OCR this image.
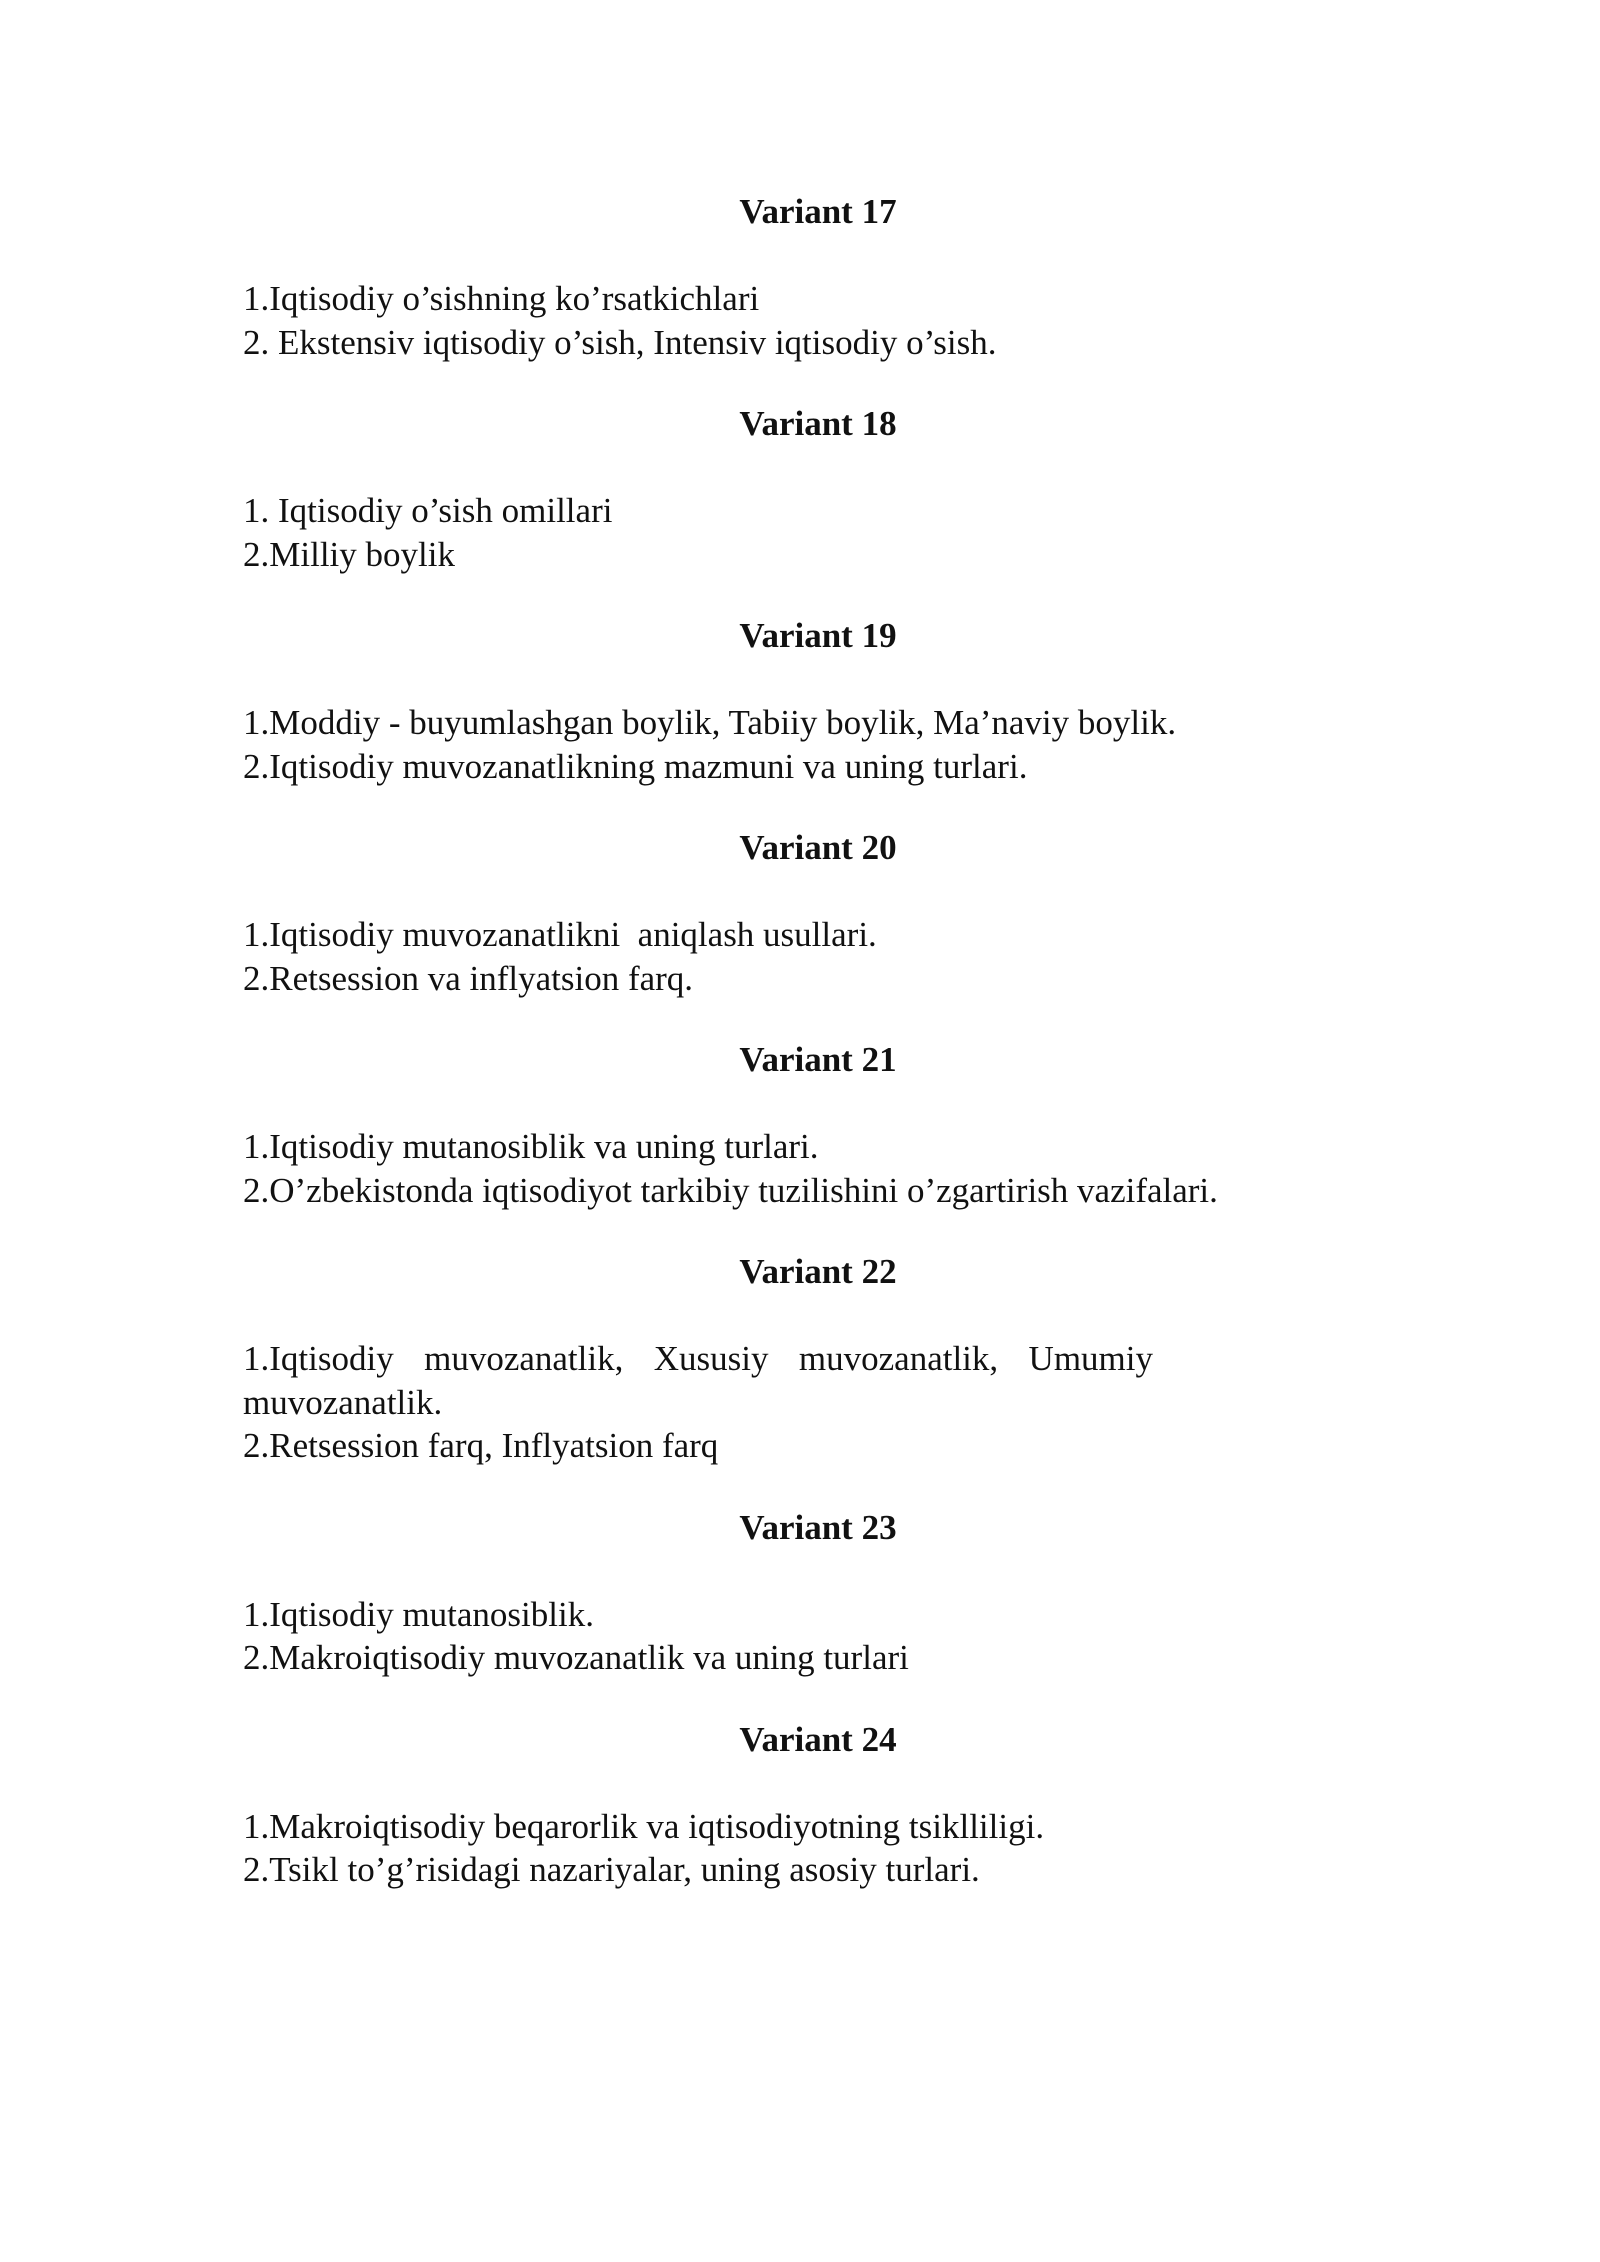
Variant 17

1.Iqtisodiy o’sishning ko’rsatkichlari

2. Ekstensiv iqtisodiy o’sish, Intensiv iqtisodiy o’sish.

Variant 18

1. Iqtisodiy o’sish omillari

2.Milliy boylik

Variant 19

1.Moddiy - buyumlashgan boylik, Tabiiy boylik, Ma’naviy boylik.

2.Iqtisodiy muvozanatlikning mazmuni va uning turlari.

Variant 20

1.Iqtisodiy muvozanatlikni  aniqlash usullari.

2.Retsession va inflyatsion farq.

Variant 21

1.Iqtisodiy mutanosiblik va uning turlari.

2.O’zbekistonda iqtisodiyot tarkibiy tuzilishini o’zgartirish vazifalari.

Variant 22

1.Iqtisodiy muvozanatlik, Xususiy muvozanatlik, Umumiy muvozanatlik.

2.Retsession farq, Inflyatsion farq

Variant 23

1.Iqtisodiy mutanosiblik.

2.Makroiqtisodiy muvozanatlik va uning turlari

Variant 24

1.Makroiqtisodiy beqarorlik va iqtisodiyotning tsiklliligi.

2.Tsikl to’g’risidagi nazariyalar, uning asosiy turlari.
